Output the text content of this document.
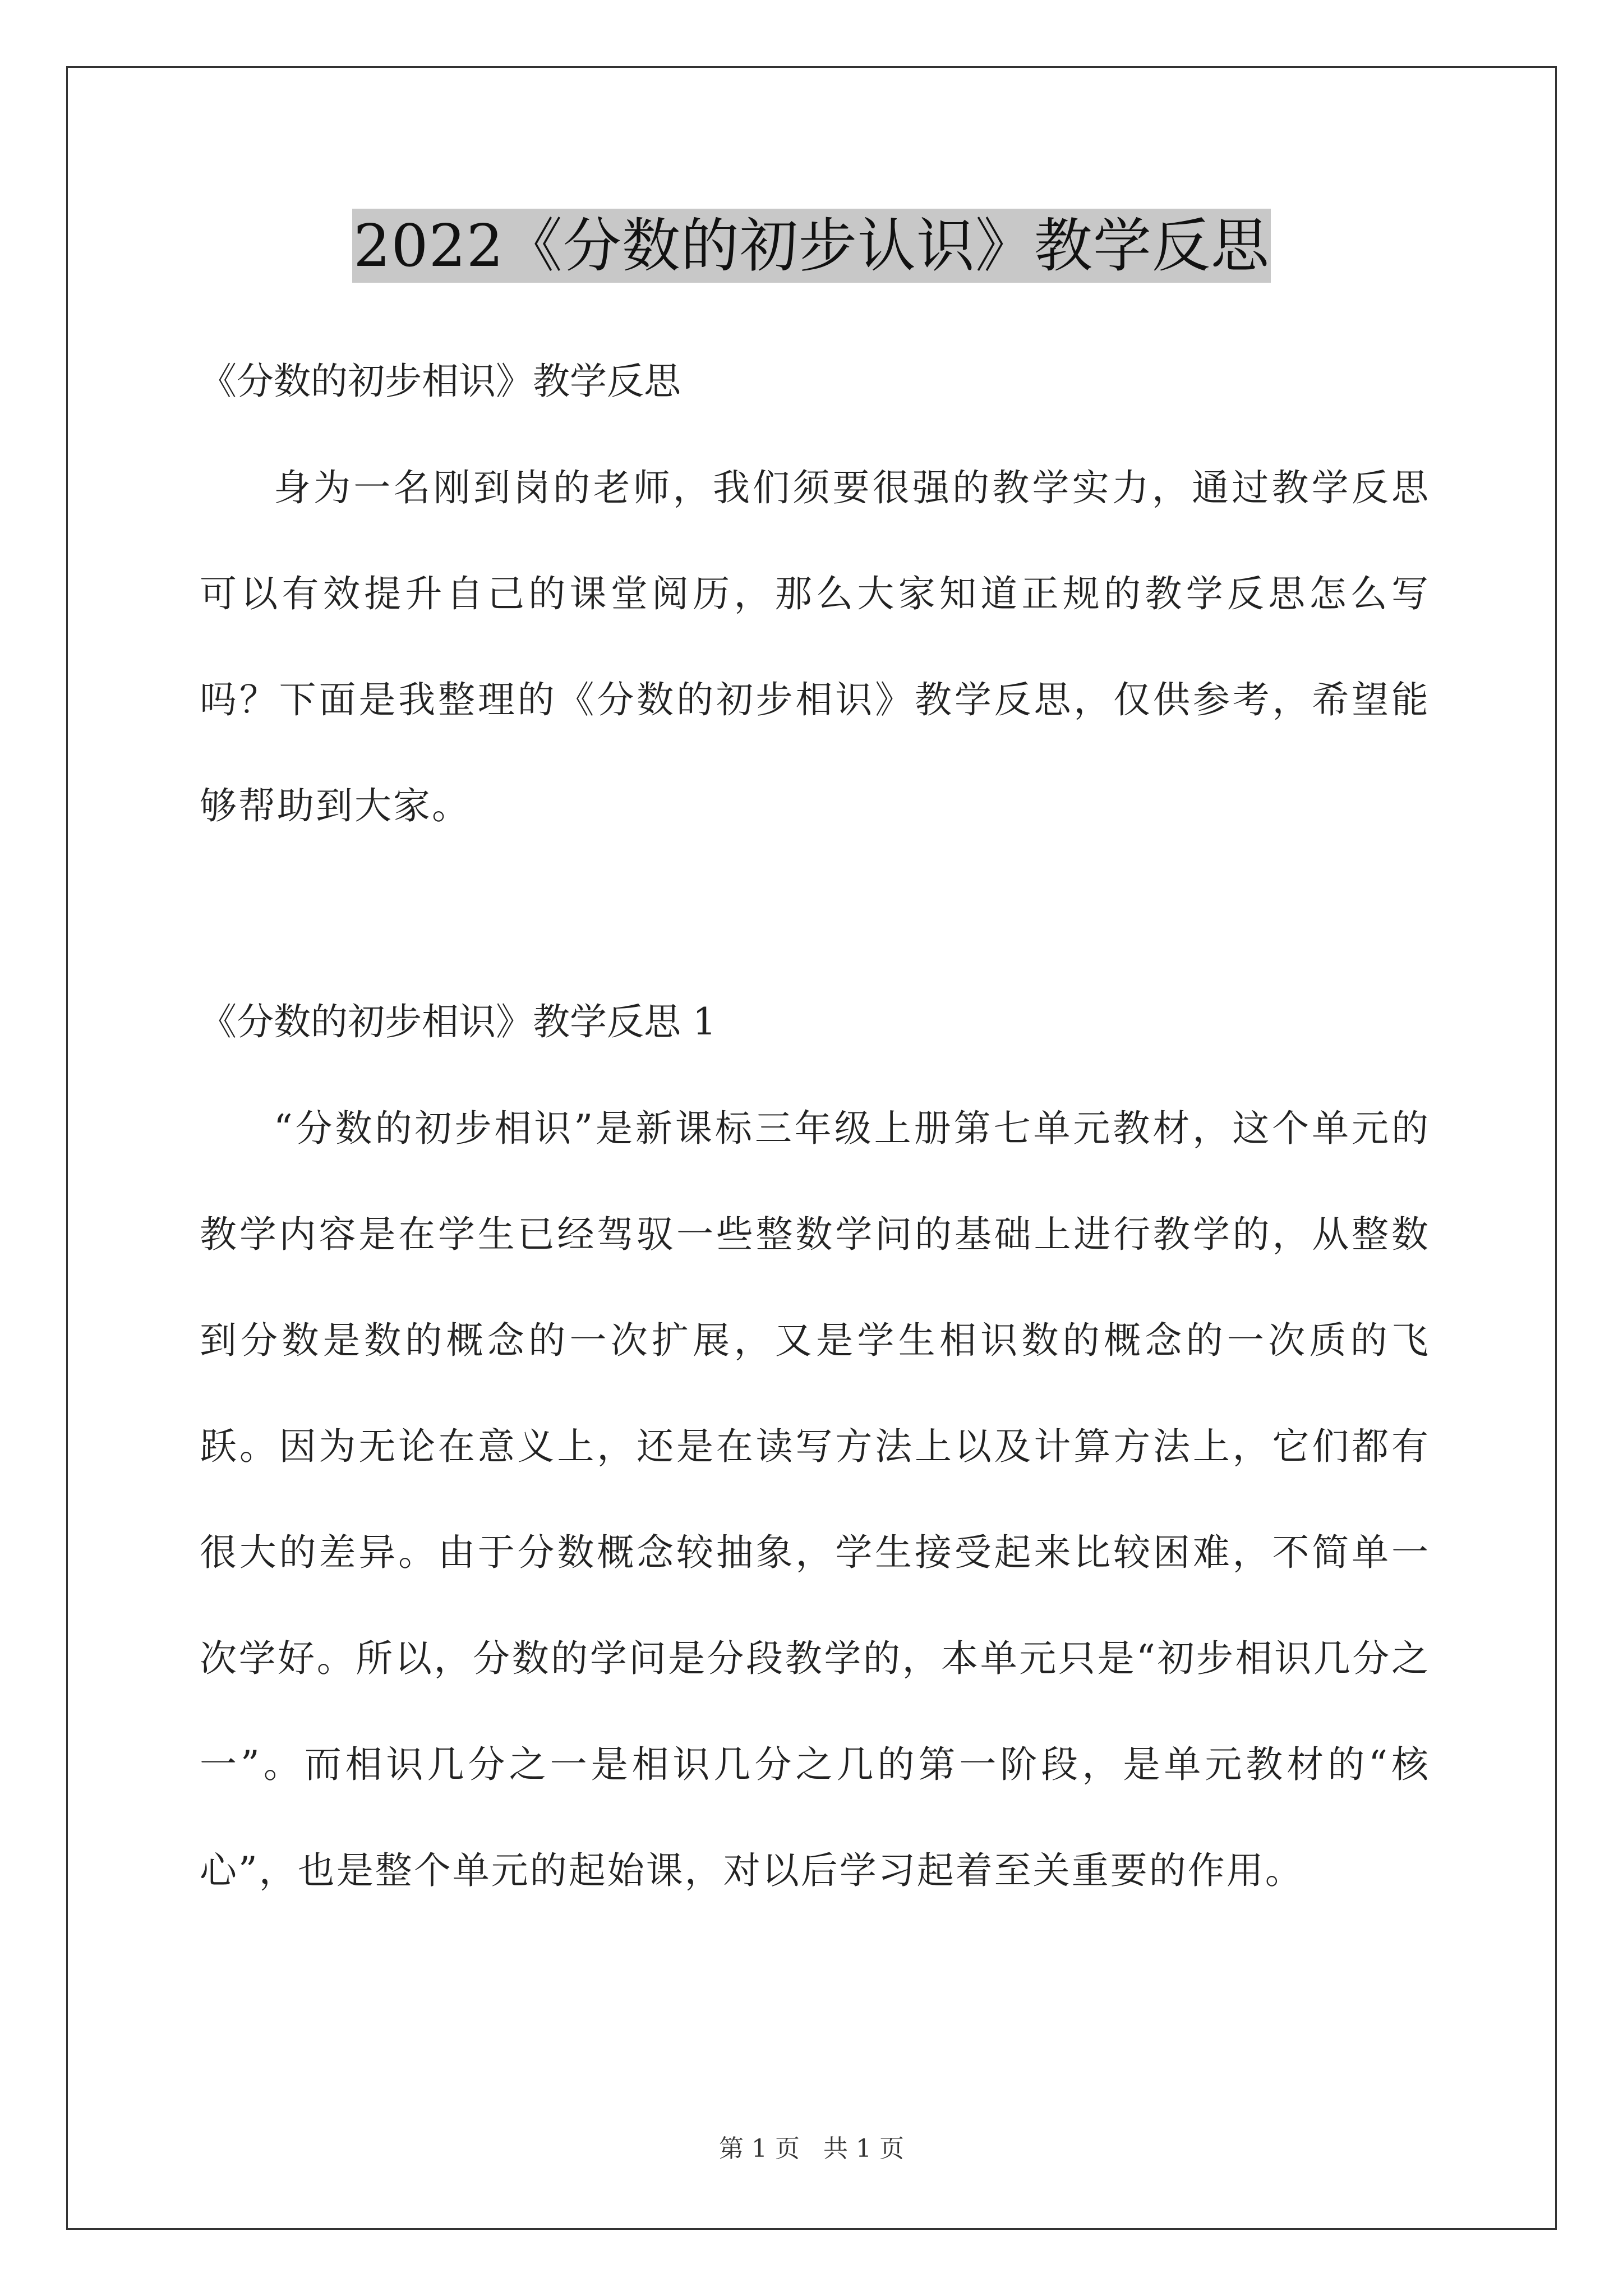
2022《分数的初步认识》教学反思
《分数的初步相识》教学反思
身为一名刚到岗的老师，我们须要很强的教学实力，通过教学反思可以有效提升自己的课堂阅历，那么大家知道正规的教学反思怎么写吗？下面是我整理的《分数的初步相识》教学反思，仅供参考，希望能够帮助到大家。
《分数的初步相识》教学反思 1
“分数的初步相识”是新课标三年级上册第七单元教材，这个单元的教学内容是在学生已经驾驭一些整数学问的基础上进行教学的，从整数到分数是数的概念的一次扩展，又是学生相识数的概念的一次质的飞跃。因为无论在意义上，还是在读写方法上以及计算方法上，它们都有很大的差异。由于分数概念较抽象，学生接受起来比较困难，不简单一次学好。所以，分数的学问是分段教学的，本单元只是“初步相识几分之一”。而相识几分之一是相识几分之几的第一阶段，是单元教材的“核心”，也是整个单元的起始课，对以后学习起着至关重要的作用。
第 1 页   共 1 页
